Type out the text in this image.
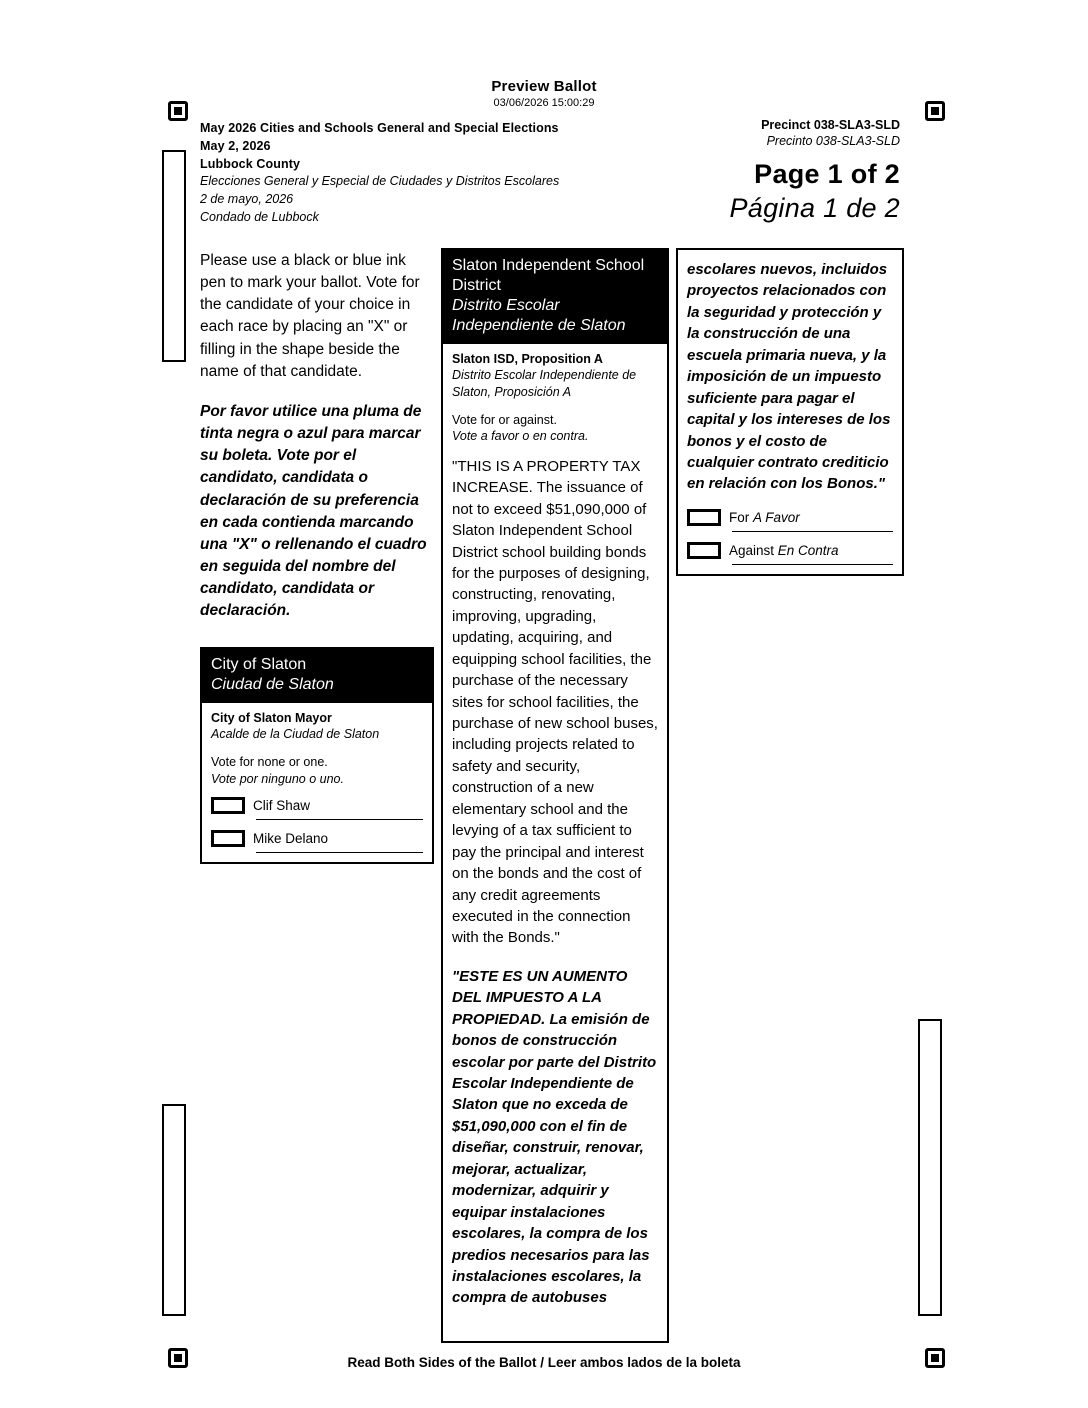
Preview Ballot
03/06/2026 15:00:29
May 2026 Cities and Schools General and Special Elections
May 2, 2026
Lubbock County
Elecciones General y Especial de Ciudades y Distritos Escolares
2 de mayo, 2026
Condado de Lubbock
Precinct 038-SLA3-SLD
Precinto 038-SLA3-SLD
Page 1 of 2
Página 1 de 2
Please use a black or blue ink pen to mark your ballot. Vote for the candidate of your choice in each race by placing an "X" or filling in the shape beside the name of that candidate.
Por favor utilice una pluma de tinta negra o azul para marcar su boleta. Vote por el candidato, candidata o declaración de su preferencia en cada contienda marcando una "X" o rellenando el cuadro en seguida del nombre del candidato, candidata or declaración.
City of Slaton
Ciudad de Slaton
City of Slaton Mayor
Acalde de la Ciudad de Slaton
Vote for none or one.
Vote por ninguno o uno.
Clif Shaw
Mike Delano
Slaton Independent School District
Distrito Escolar Independiente de Slaton
Slaton ISD, Proposition A
Distrito Escolar Independiente de Slaton, Proposición A
Vote for or against.
Vote a favor o en contra.
"THIS IS A PROPERTY TAX INCREASE. The issuance of not to exceed $51,090,000 of Slaton Independent School District school building bonds for the purposes of designing, constructing, renovating, improving, upgrading, updating, acquiring, and equipping school facilities, the purchase of the necessary sites for school facilities, the purchase of new school buses, including projects related to safety and security, construction of a new elementary school and the levying of a tax sufficient to pay the principal and interest on the bonds and the cost of any credit agreements executed in the connection with the Bonds."
"ESTE ES UN AUMENTO DEL IMPUESTO A LA PROPIEDAD. La emisión de bonos de construcción escolar por parte del Distrito Escolar Independiente de Slaton que no exceda de $51,090,000 con el fin de diseñar, construir, renovar, mejorar, actualizar, modernizar, adquirir y equipar instalaciones escolares, la compra de los predios necesarios para las instalaciones escolares, la compra de autobuses
escolares nuevos, incluidos proyectos relacionados con la seguridad y protección y la construcción de una escuela primaria nueva, y la imposición de un impuesto suficiente para pagar el capital y los intereses de los bonos y el costo de cualquier contrato crediticio en relación con los Bonos."
For A Favor
Against En Contra
Read Both Sides of the Ballot / Leer ambos lados de la boleta
